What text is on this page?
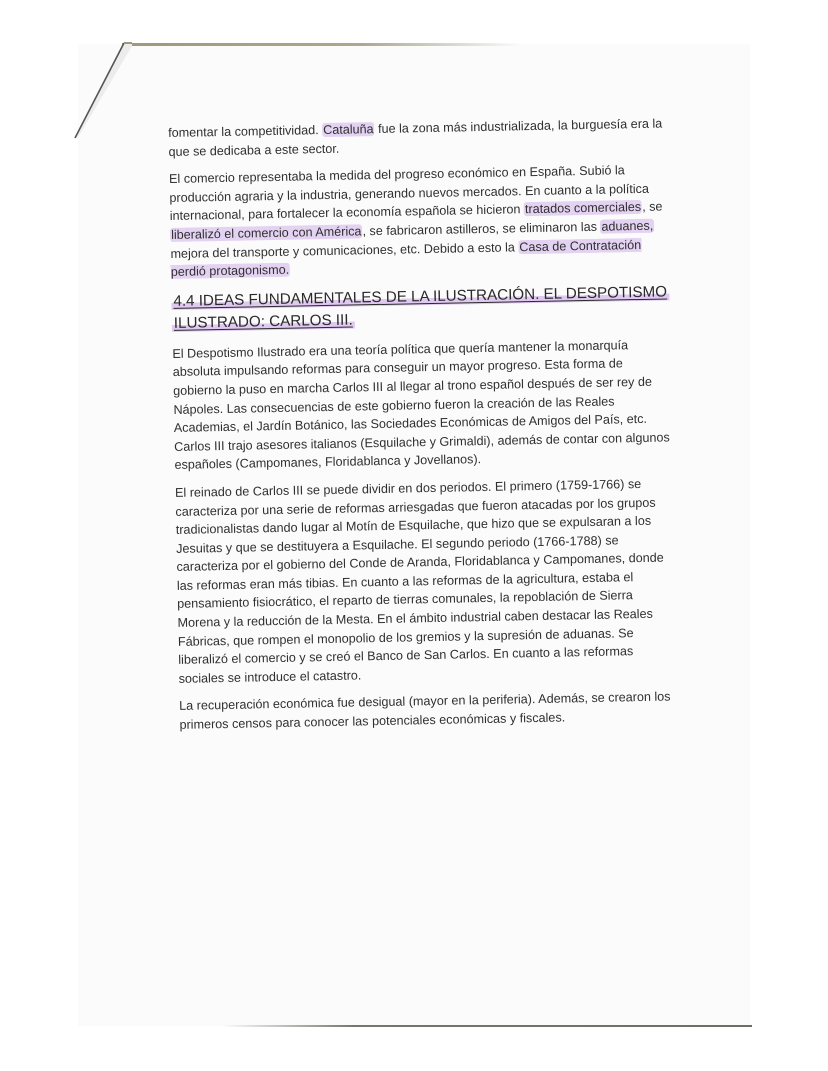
fomentar la competitividad. Cataluña fue la zona más industrializada, la burguesía era la que se dedicaba a este sector.

El comercio representaba la medida del progreso económico en España. Subió la producción agraria y la industria, generando nuevos mercados. En cuanto a la política internacional, para fortalecer la economía española se hicieron tratados comerciales, se liberalizó el comercio con América, se fabricaron astilleros, se eliminaron las aduanes, mejora del transporte y comunicaciones, etc. Debido a esto la Casa de Contratación perdió protagonismo.

4.4 IDEAS FUNDAMENTALES DE LA ILUSTRACIÓN. EL DESPOTISMO
ILUSTRADO: CARLOS III.

El Despotismo Ilustrado era una teoría política que quería mantener la monarquía absoluta impulsando reformas para conseguir un mayor progreso. Esta forma de gobierno la puso en marcha Carlos III al llegar al trono español después de ser rey de Nápoles. Las consecuencias de este gobierno fueron la creación de las Reales Academias, el Jardín Botánico, las Sociedades Económicas de Amigos del País, etc. Carlos III trajo asesores italianos (Esquilache y Grimaldi), además de contar con algunos españoles (Campomanes, Floridablanca y Jovellanos).

El reinado de Carlos III se puede dividir en dos periodos. El primero (1759-1766) se caracteriza por una serie de reformas arriesgadas que fueron atacadas por los grupos tradicionalistas dando lugar al Motín de Esquilache, que hizo que se expulsaran a los Jesuitas y que se destituyera a Esquilache. El segundo periodo (1766-1788) se caracteriza por el gobierno del Conde de Aranda, Floridablanca y Campomanes, donde las reformas eran más tibias. En cuanto a las reformas de la agricultura, estaba el pensamiento fisiocrático, el reparto de tierras comunales, la repoblación de Sierra Morena y la reducción de la Mesta. En el ámbito industrial caben destacar las Reales Fábricas, que rompen el monopolio de los gremios y la supresión de aduanas. Se liberalizó el comercio y se creó el Banco de San Carlos. En cuanto a las reformas sociales se introduce el catastro.

La recuperación económica fue desigual (mayor en la periferia). Además, se crearon los primeros censos para conocer las potenciales económicas y fiscales.
